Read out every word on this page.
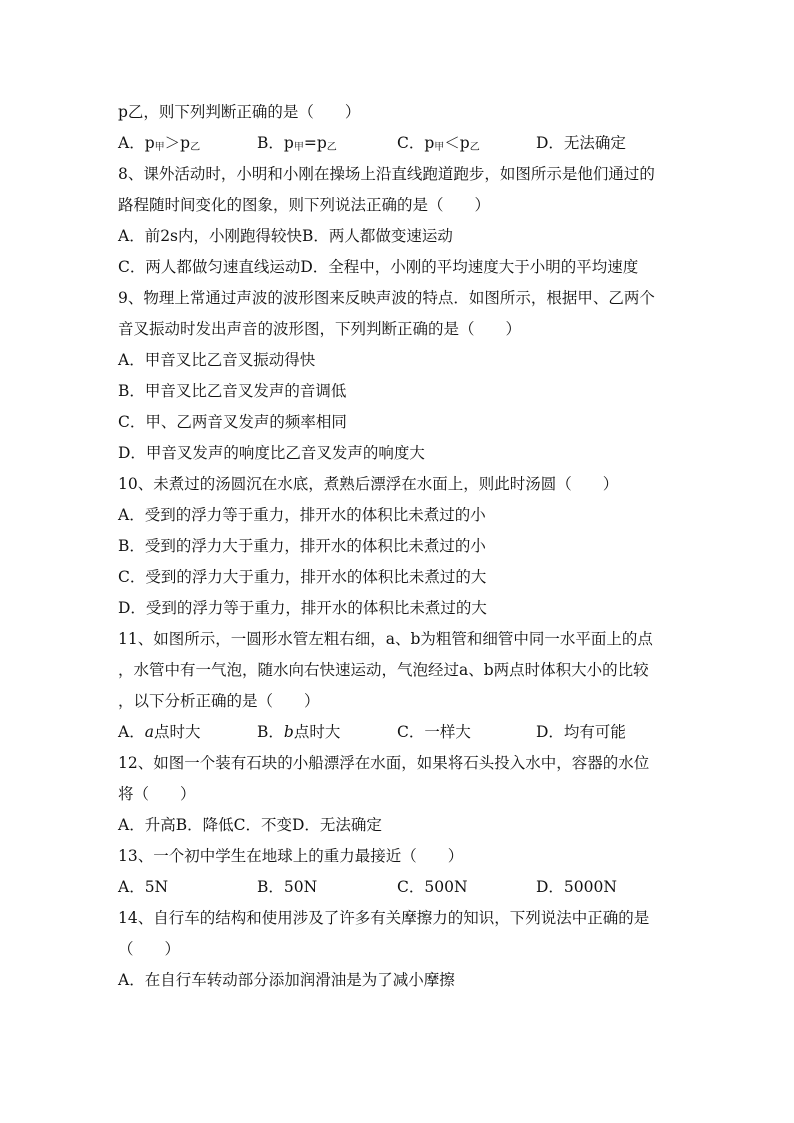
p乙，则下列判断正确的是（　　）
A．$p_甲>p_乙$	B．$p_甲=p_乙$	C．$p_甲<p_乙$	D．无法确定
8、课外活动时，小明和小刚在操场上沿直线跑道跑步，如图所示是他们通过的
路程随时间变化的图象，则下列说法正确的是（　　）
A．前2s内，小刚跑得较快B．两人都做变速运动
C．两人都做匀速直线运动D．全程中，小刚的平均速度大于小明的平均速度
9、物理上常通过声波的波形图来反映声波的特点．如图所示，根据甲、乙两个
音叉振动时发出声音的波形图，下列判断正确的是（　　）
A．甲音叉比乙音叉振动得快
B．甲音叉比乙音叉发声的音调低
C．甲、乙两音叉发声的频率相同
D．甲音叉发声的响度比乙音叉发声的响度大
10、未煮过的汤圆沉在水底，煮熟后漂浮在水面上，则此时汤圆（　　）
A．受到的浮力等于重力，排开水的体积比未煮过的小
B．受到的浮力大于重力，排开水的体积比未煮过的小
C．受到的浮力大于重力，排开水的体积比未煮过的大
D．受到的浮力等于重力，排开水的体积比未煮过的大
11、如图所示，一圆形水管左粗右细，a、b为粗管和细管中同一水平面上的点
，水管中有一气泡，随水向右快速运动，气泡经过a、b两点时体积大小的比较
，以下分析正确的是（　　）
A．a点时大	B．b点时大	C．一样大	D．均有可能
12、如图一个装有石块的小船漂浮在水面，如果将石头投入水中，容器的水位
将（　　）
A．升高B．降低C．不变D．无法确定
13、一个初中学生在地球上的重力最接近（　　）
A．5N	B．50N	C．500N	D．5000N
14、自行车的结构和使用涉及了许多有关摩擦力的知识，下列说法中正确的是
（　　）
A．在自行车转动部分添加润滑油是为了减小摩擦
